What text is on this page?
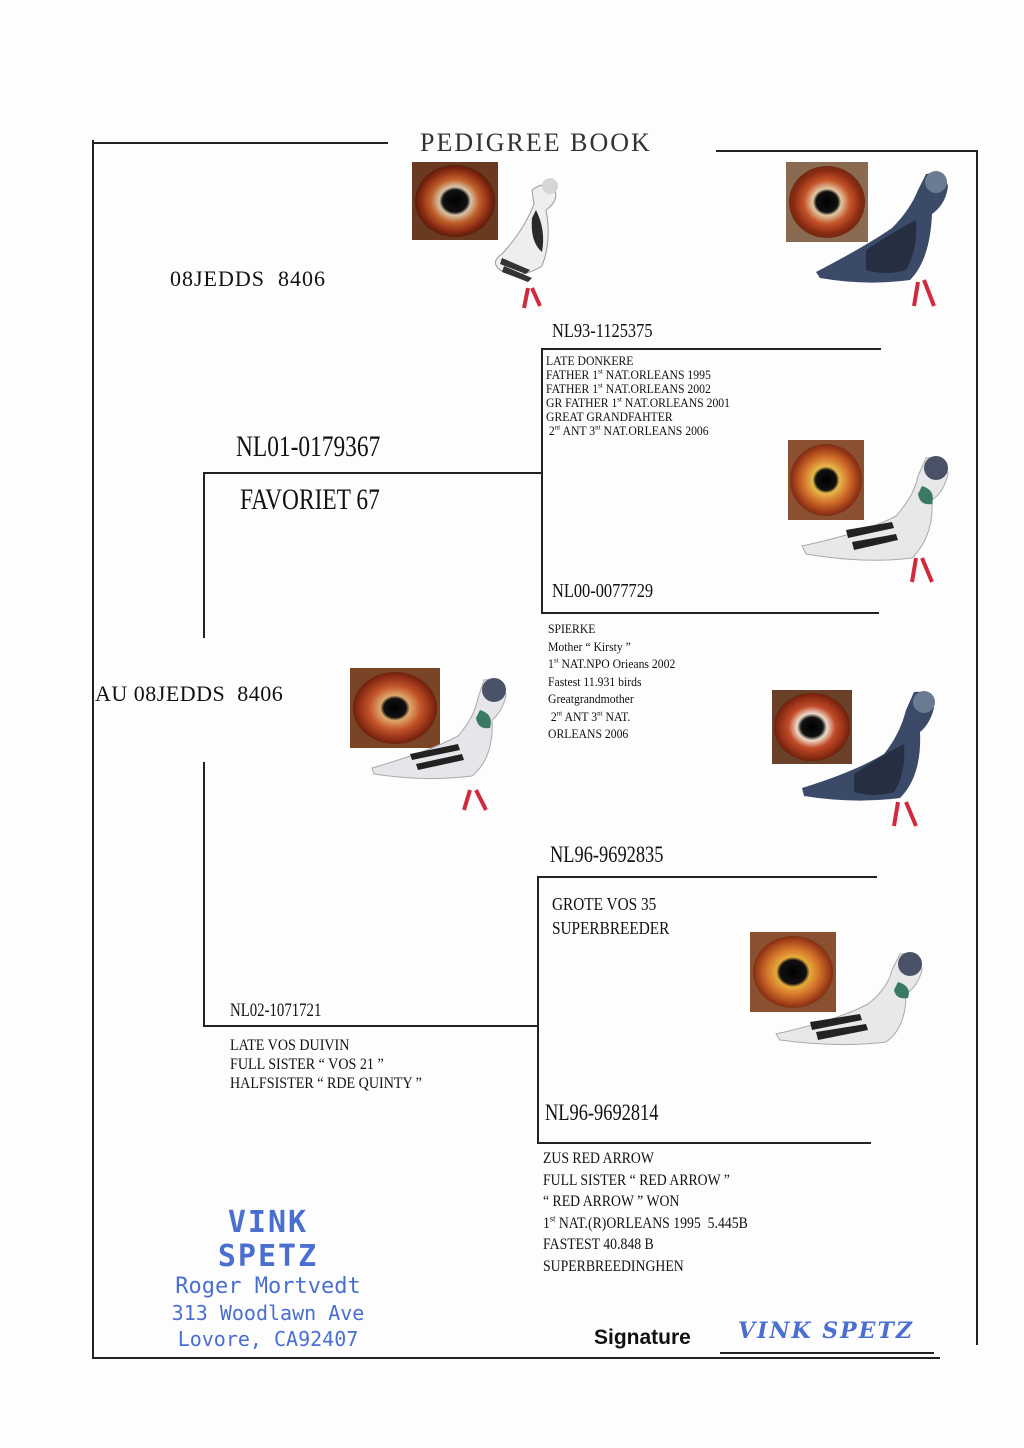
PEDIGREE BOOK
08JEDDS  8406
AU 08JEDDS  8406
NL01-0179367
FAVORIET 67
NL93-1125375
LATE DONKERE
FATHER 1st NAT.ORLEANS 1995
FATHER 1st NAT.ORLEANS 2002
GR FATHER 1st NAT.ORLEANS 2001
GREAT GRANDFAHTER
$2^{nt}$ ANT $3^{nt}$ NAT.ORLEANS 2006
NL00-0077729
SPIERKE
Mother “ Kirsty ”
1st NAT.NPO Orieans 2002
Fastest 11.931 birds
Greatgrandmother
$2^{nt}$ ANT $3^{nt}$ NAT.
ORLEANS 2006
NL02-1071721
LATE VOS DUIVIN
FULL SISTER “ VOS 21 ”
HALFSISTER “ RDE QUINTY ”
NL96-9692835
GROTE VOS 35
SUPERBREEDER
NL96-9692814
ZUS RED ARROW
FULL SISTER “ RED ARROW ”
“ RED ARROW ” WON
1st NAT.(R)ORLEANS 1995  5.445B
FASTEST 40.848 B
SUPERBREEDINGHEN
VINK SPETZ
Roger Mortvedt
313 Woodlawn Ave
Lovore, CA92407	Signature VINK SPETZ
